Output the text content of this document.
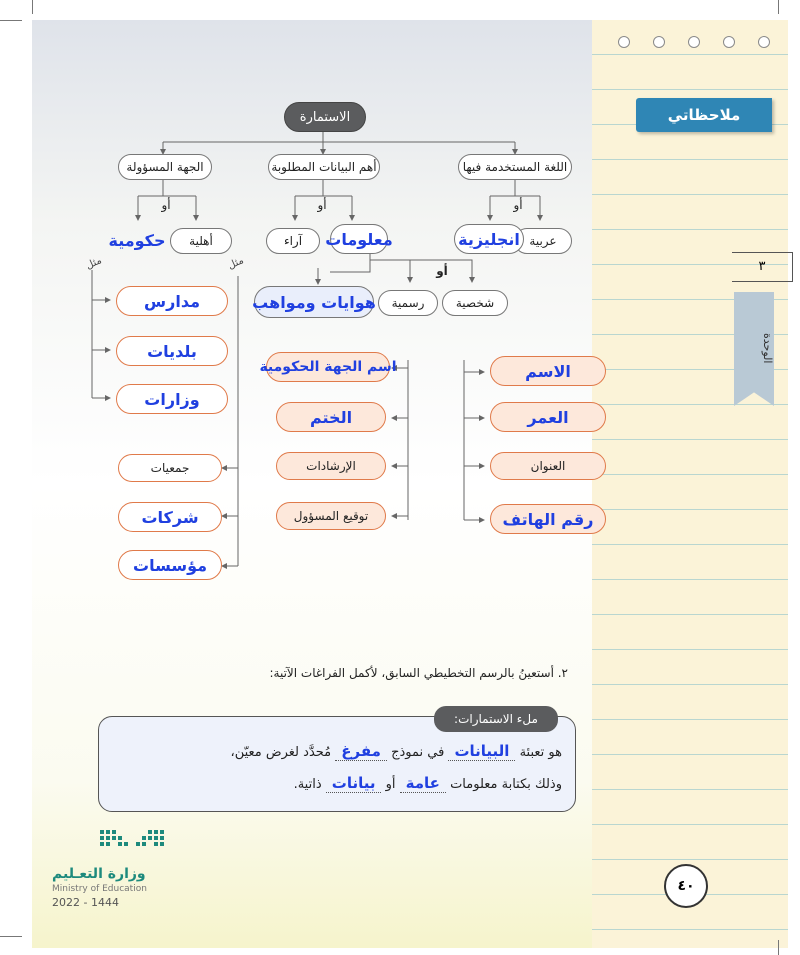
ملاحظاتي
٣
الوحدة
٤٠
الاستمارة
اللغة المستخدمة فيها
أهم البيانات المطلوبة
الجهة المسؤولة
أو
أو
أو
عربية
انجليزية
آراء	معلومات
أهلية
حكومية
أو
شخصية
رسمية
هوايات ومواهب
مثل	مثل
الاسم
العمر
العنوان
رقم الهاتف
اسم الجهة الحكومية
الختم
الإرشادات
توقيع المسؤول
مدارس
بلديات
وزارات
جمعيات
شركات
مؤسسات
٢. أستعينُ بالرسم التخطيطي السابق، لأكمل الفراغات الآتية:
ملء الاستمارات:
هو تعبئة البيانات في نموذج مفرغ مُحدَّد لغرض معيّن،
وذلك بكتابة معلومات عامة أو بيانات ذاتية.
وزارة التعـليم
Ministry of Education
2022 - 1444
